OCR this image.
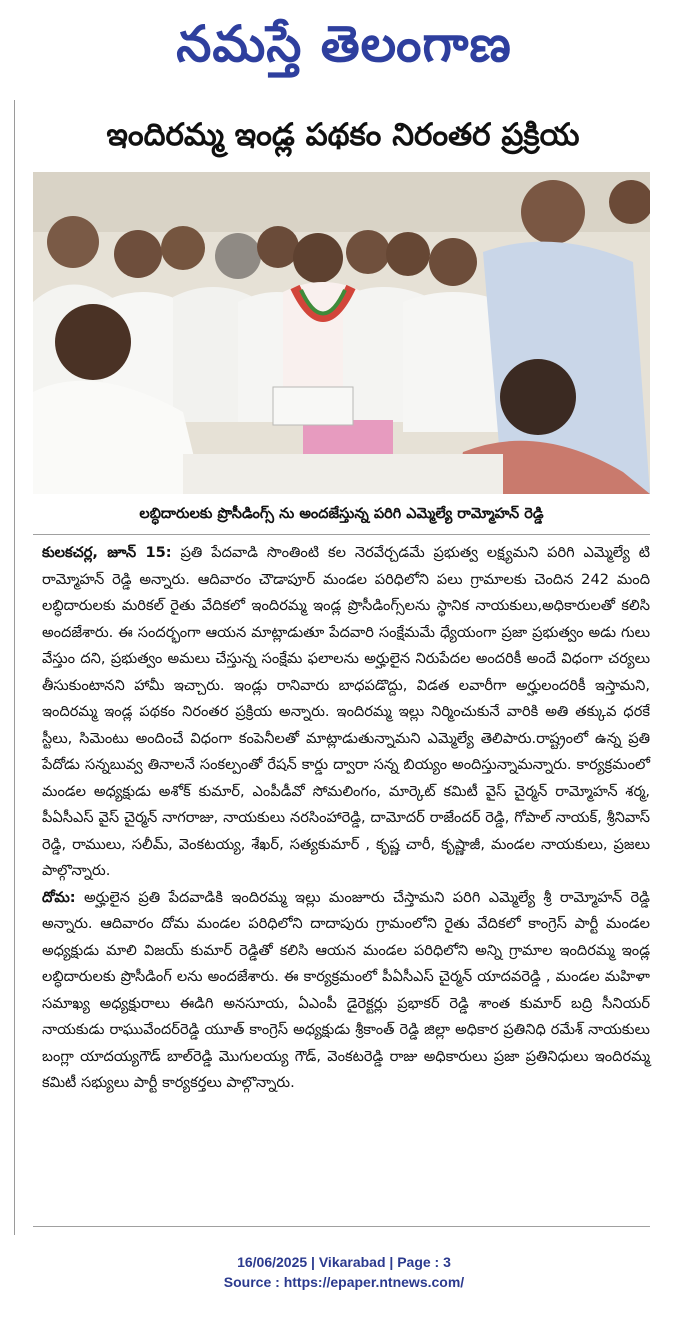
నమస్తే తెలంగాణ
ఇందిరమ్మ ఇండ్ల పథకం నిరంతర ప్రక్రియ
లబ్ధిదారులకు ప్రొసీడింగ్స్ ను అందజేస్తున్న పరిగి ఎమ్మెల్యే రామ్మోహన్ రెడ్డి

కులకచర్ల, జూన్ 15: ప్రతి పేదవాడి సొంతింటి కల నెరవేర్చడమే ప్రభుత్వ లక్ష్యమని పరిగి ఎమ్మెల్యే టి రామ్మోహన్ రెడ్డి అన్నారు. ఆదివారం చౌడాపూర్ మండల పరిధిలోని పలు గ్రామాలకు చెందిన 242 మంది లబ్ధిదారులకు మరికల్ రైతు వేదికలో ఇందిరమ్మ ఇండ్ల ప్రొసీడింగ్స్‌లను స్థానిక నాయకులు,అధికారులతో కలిసి అందజేశారు. ఈ సందర్భంగా ఆయన మాట్లాడుతూ పేదవారి సంక్షేమమే ధ్యేయంగా ప్రజా ప్రభుత్వం అడు గులు వేస్తుం దని, ప్రభుత్వం అమలు చేస్తున్న సంక్షేమ ఫలాలను అర్హులైన నిరుపేదల అందరికీ అందే విధంగా చర్యలు తీసుకుంటానని హామీ ఇచ్చారు. ఇండ్లు రానివారు బాధపడొద్దు, విడత లవారీగా అర్హులందరికీ ఇస్తామని, ఇందిరమ్మ ఇండ్ల పథకం నిరంతర ప్రక్రియ అన్నారు. ఇందిరమ్మ ఇల్లు నిర్మించుకునే వారికి అతి తక్కువ ధరకే స్టీలు, సిమెంటు అందించే విధంగా కంపెనీలతో మాట్లాడుతున్నామని ఎమ్మెల్యే తెలిపారు.రాష్ట్రంలో ఉన్న ప్రతి పేదోడు సన్నబువ్వ తినాలనే సంకల్పంతో రేషన్ కార్డు ద్వారా సన్న బియ్యం అందిస్తున్నామన్నారు. కార్యక్రమంలో మండల అధ్యక్షుడు అశోక్ కుమార్, ఎంపీడీవో సోమలింగం, మార్కెట్ కమిటీ వైస్ చైర్మన్ రామ్మోహన్ శర్మ, పీఏసీఎస్ వైస్ చైర్మన్ నాగరాజు, నాయకులు నరసింహారెడ్డి, దామోదర్ రాజేందర్ రెడ్డి, గోపాల్ నాయక్, శ్రీనివాస్ రెడ్డి, రాములు, సలీమ్, వెంకటయ్య, శేఖర్, సత్యకుమార్ , కృష్ణ చారీ, కృష్ణాజీ, మండల నాయకులు, ప్రజలు పాల్గొన్నారు.

దోమ: అర్హులైన ప్రతి పేదవాడికి ఇందిరమ్మ ఇల్లు మంజూరు చేస్తామని పరిగి ఎమ్మెల్యే శ్రీ రామ్మోహన్ రెడ్డి అన్నారు. ఆదివారం దోమ మండల పరిధిలోని దాదాపురు గ్రామంలోని రైతు వేదికలో కాంగ్రెస్ పార్టీ మండల అధ్యక్షుడు మాలి విజయ్ కుమార్ రెడ్డితో కలిసి ఆయన మండల పరిధిలోని అన్ని గ్రామాల ఇందిరమ్మ ఇండ్ల లబ్ధిదారులకు ప్రొసీడింగ్ లను అందజేశారు. ఈ కార్యక్రమంలో పీఏసీఎస్ చైర్మన్ యాదవరెడ్డి , మండల మహిళా సమాఖ్య అధ్యక్షురాలు ఈడిగి అనసూయ, ఏఎంపీ డైరెక్టర్లు ప్రభాకర్ రెడ్డి శాంత కుమార్ బద్రి సీనియర్ నాయకుడు రాఘువేందర్‌రెడ్డి యూత్ కాంగ్రెస్ అధ్యక్షుడు శ్రీకాంత్ రెడ్డి జిల్లా అధికార ప్రతినిధి రమేశ్ నాయకులు బంగ్లా యాదయ్యగౌడ్ బాల్‌రెడ్డి మొగులయ్య గౌడ్, వెంకటరెడ్డి రాజు అధికారులు ప్రజా ప్రతినిధులు ఇందిరమ్మ కమిటీ సభ్యులు పార్టీ కార్యకర్తలు పాల్గొన్నారు.

16/06/2025 | Vikarabad | Page : 3
Source : https://epaper.ntnews.com/
